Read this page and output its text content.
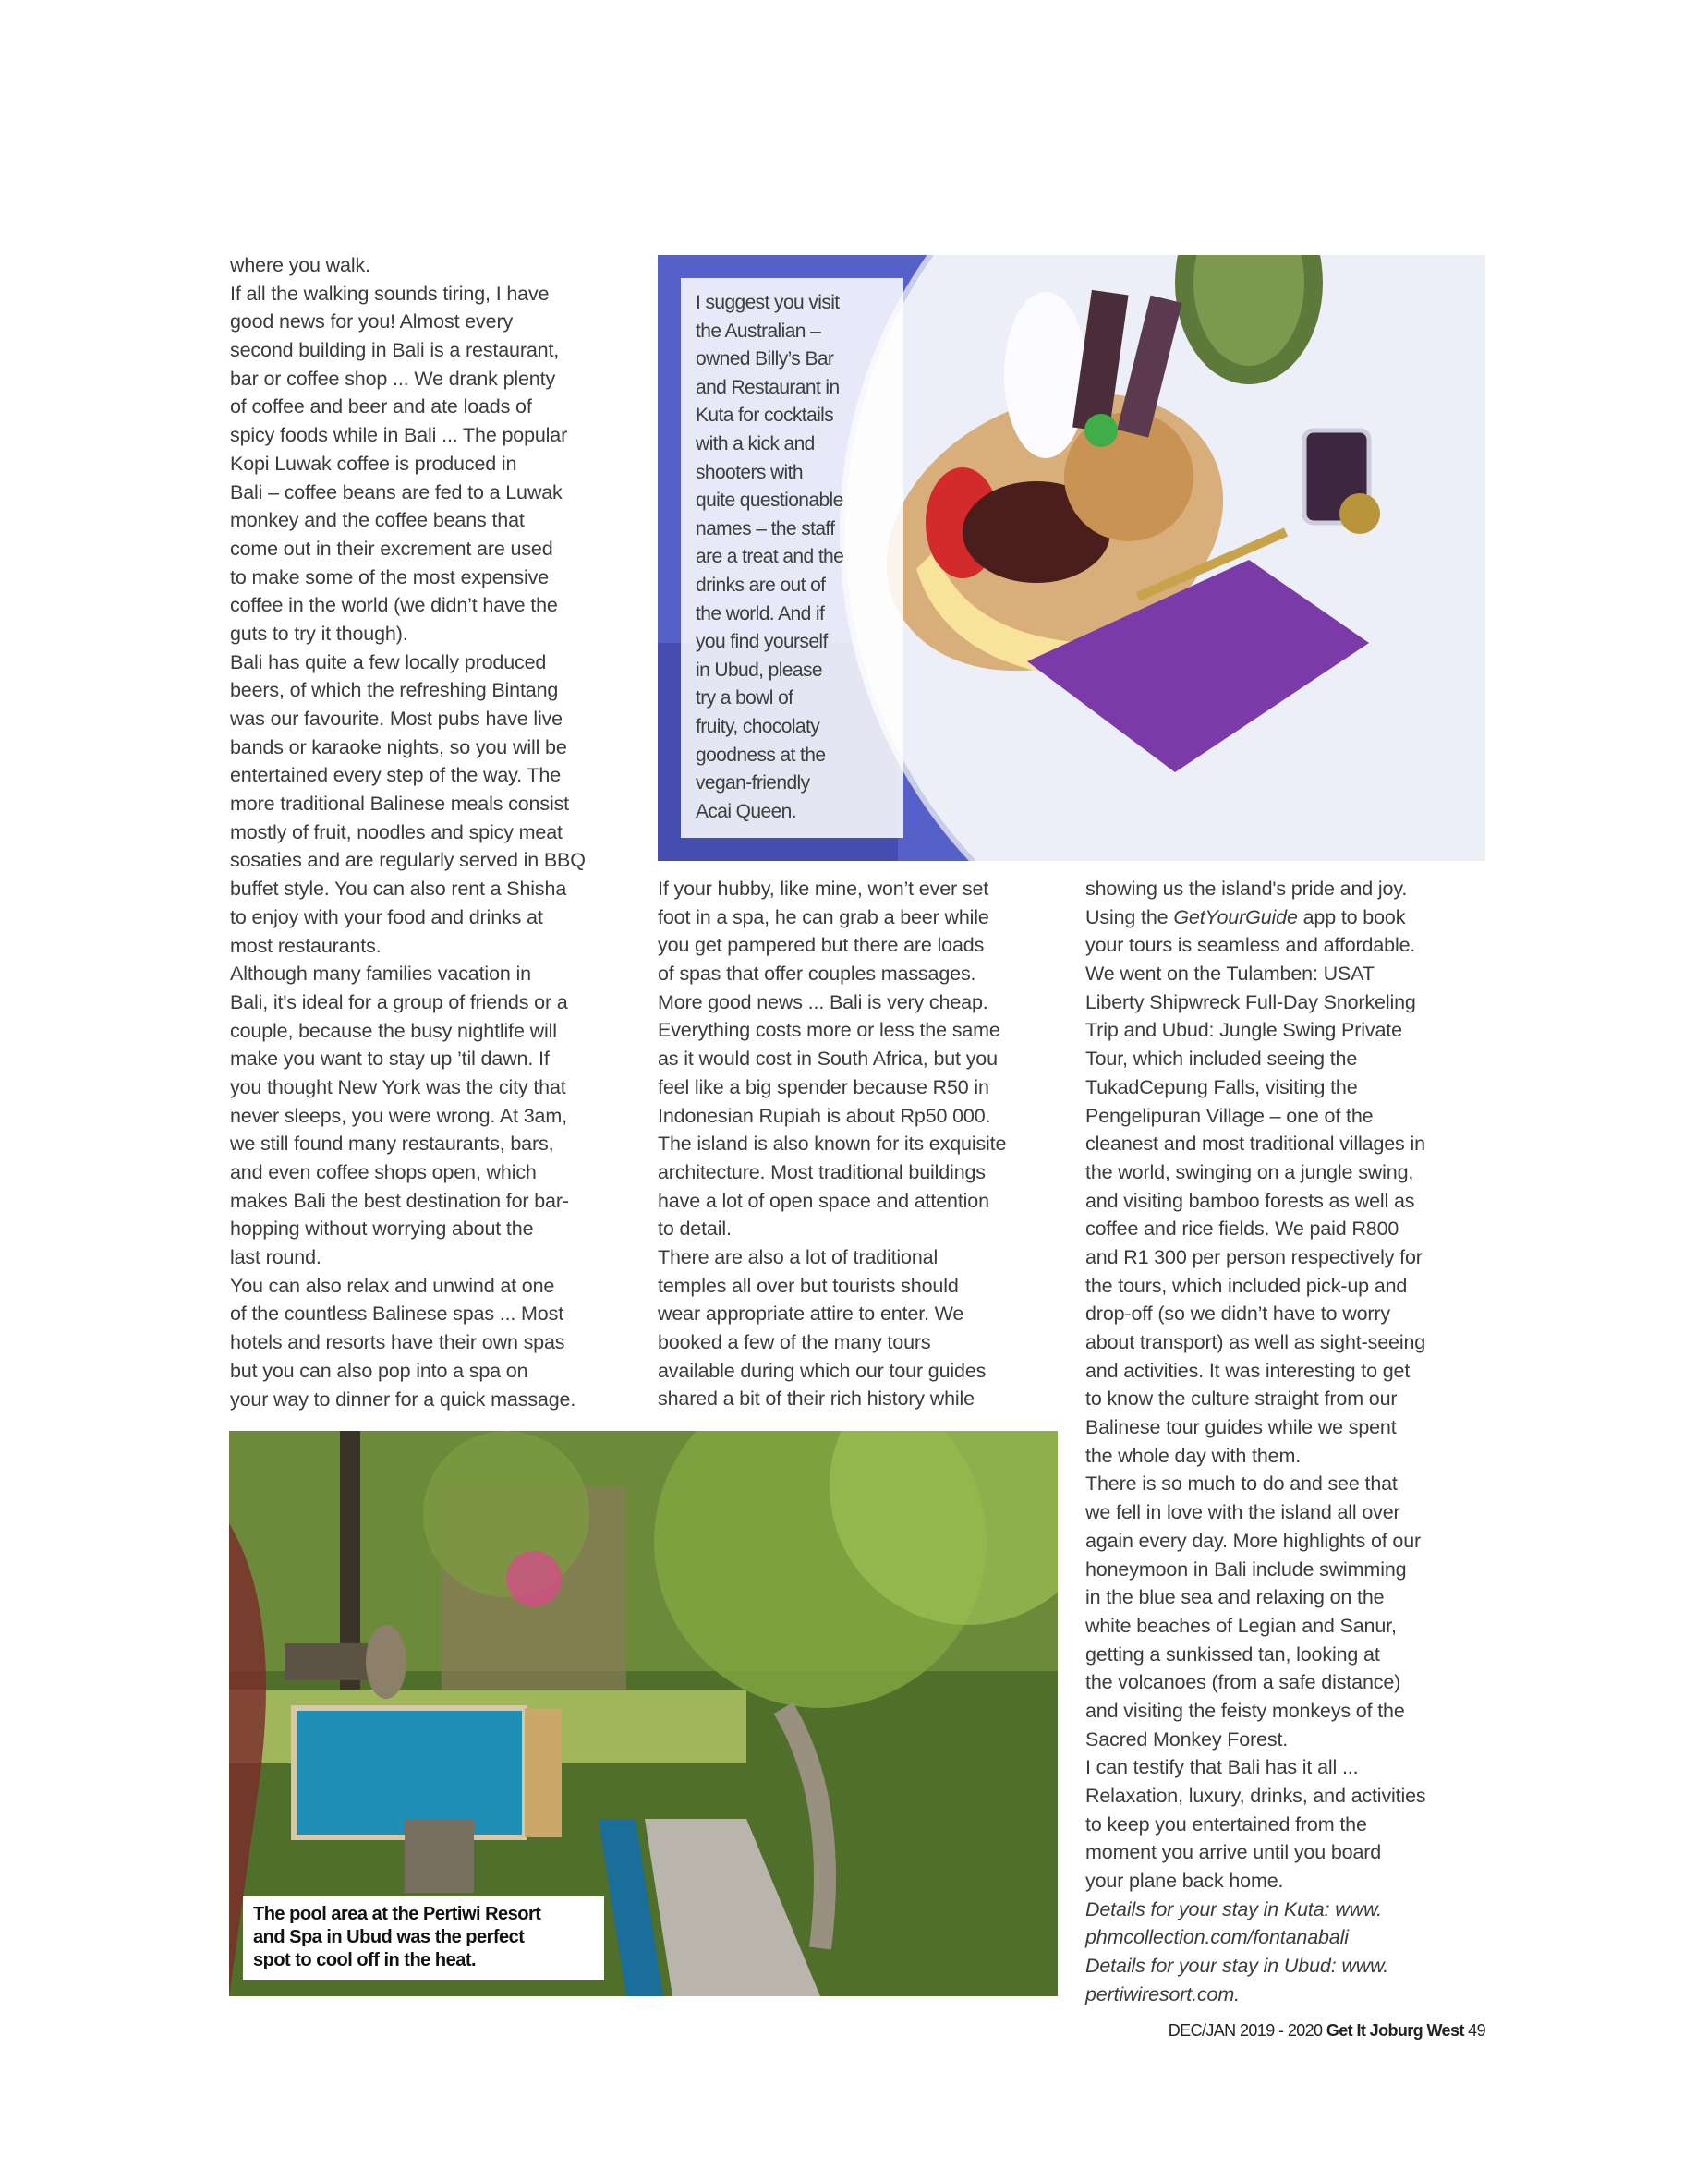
where you walk.
If all the walking sounds tiring, I have
good news for you! Almost every
second building in Bali is a restaurant,
bar or coffee shop ... We drank plenty
of coffee and beer and ate loads of
spicy foods while in Bali ... The popular
Kopi Luwak coffee is produced in
Bali – coffee beans are fed to a Luwak
monkey and the coffee beans that
come out in their excrement are used
to make some of the most expensive
coffee in the world (we didn’t have the
guts to try it though).
Bali has quite a few locally produced
beers, of which the refreshing Bintang
was our favourite. Most pubs have live
bands or karaoke nights, so you will be
entertained every step of the way. The
more traditional Balinese meals consist
mostly of fruit, noodles and spicy meat
sosaties and are regularly served in BBQ
buffet style. You can also rent a Shisha
to enjoy with your food and drinks at
most restaurants.
Although many families vacation in
Bali, it's ideal for a group of friends or a
couple, because the busy nightlife will
make you want to stay up ’til dawn. If
you thought New York was the city that
never sleeps, you were wrong. At 3am,
we still found many restaurants, bars,
and even coffee shops open, which
makes Bali the best destination for bar-
hopping without worrying about the
last round.
You can also relax and unwind at one
of the countless Balinese spas ... Most
hotels and resorts have their own spas
but you can also pop into a spa on
your way to dinner for a quick massage.
If your hubby, like mine, won’t ever set
foot in a spa, he can grab a beer while
you get pampered but there are loads
of spas that offer couples massages.
More good news ... Bali is very cheap.
Everything costs more or less the same
as it would cost in South Africa, but you
feel like a big spender because R50 in
Indonesian Rupiah is about Rp50 000.
The island is also known for its exquisite
architecture. Most traditional buildings
have a lot of open space and attention
to detail.
There are also a lot of traditional
temples all over but tourists should
wear appropriate attire to enter. We
booked a few of the many tours
available during which our tour guides
shared a bit of their rich history while
showing us the island's pride and joy.
Using the GetYourGuide app to book
your tours is seamless and affordable.
We went on the Tulamben: USAT
Liberty Shipwreck Full-Day Snorkeling
Trip and Ubud: Jungle Swing Private
Tour, which included seeing the
TukadCepung Falls, visiting the
Pengelipuran Village – one of the
cleanest and most traditional villages in
the world, swinging on a jungle swing,
and visiting bamboo forests as well as
coffee and rice fields. We paid R800
and R1 300 per person respectively for
the tours, which included pick-up and
drop-off (so we didn’t have to worry
about transport) as well as sight-seeing
and activities. It was interesting to get
to know the culture straight from our
Balinese tour guides while we spent
the whole day with them.
There is so much to do and see that
we fell in love with the island all over
again every day. More highlights of our
honeymoon in Bali include swimming
in the blue sea and relaxing on the
white beaches of Legian and Sanur,
getting a sunkissed tan, looking at
the volcanoes (from a safe distance)
and visiting the feisty monkeys of the
Sacred Monkey Forest.
I can testify that Bali has it all ...
Relaxation, luxury, drinks, and activities
to keep you entertained from the
moment you arrive until you board
your plane back home.
Details for your stay in Kuta: www.
phmcollection.com/fontanabali
Details for your stay in Ubud: www.
pertiwiresort.com.
I suggest you visit
the Australian –
owned Billy’s Bar
and Restaurant in
Kuta for cocktails
with a kick and
shooters with
quite questionable
names – the staff
are a treat and the
drinks are out of
the world. And if
you find yourself
in Ubud, please
try a bowl of
fruity, chocolaty
goodness at the
vegan-friendly
Acai Queen.
The pool area at the Pertiwi Resort
and Spa in Ubud was the perfect
spot to cool off in the heat.
DEC/JAN 2019 - 2020 Get It Joburg West 49
